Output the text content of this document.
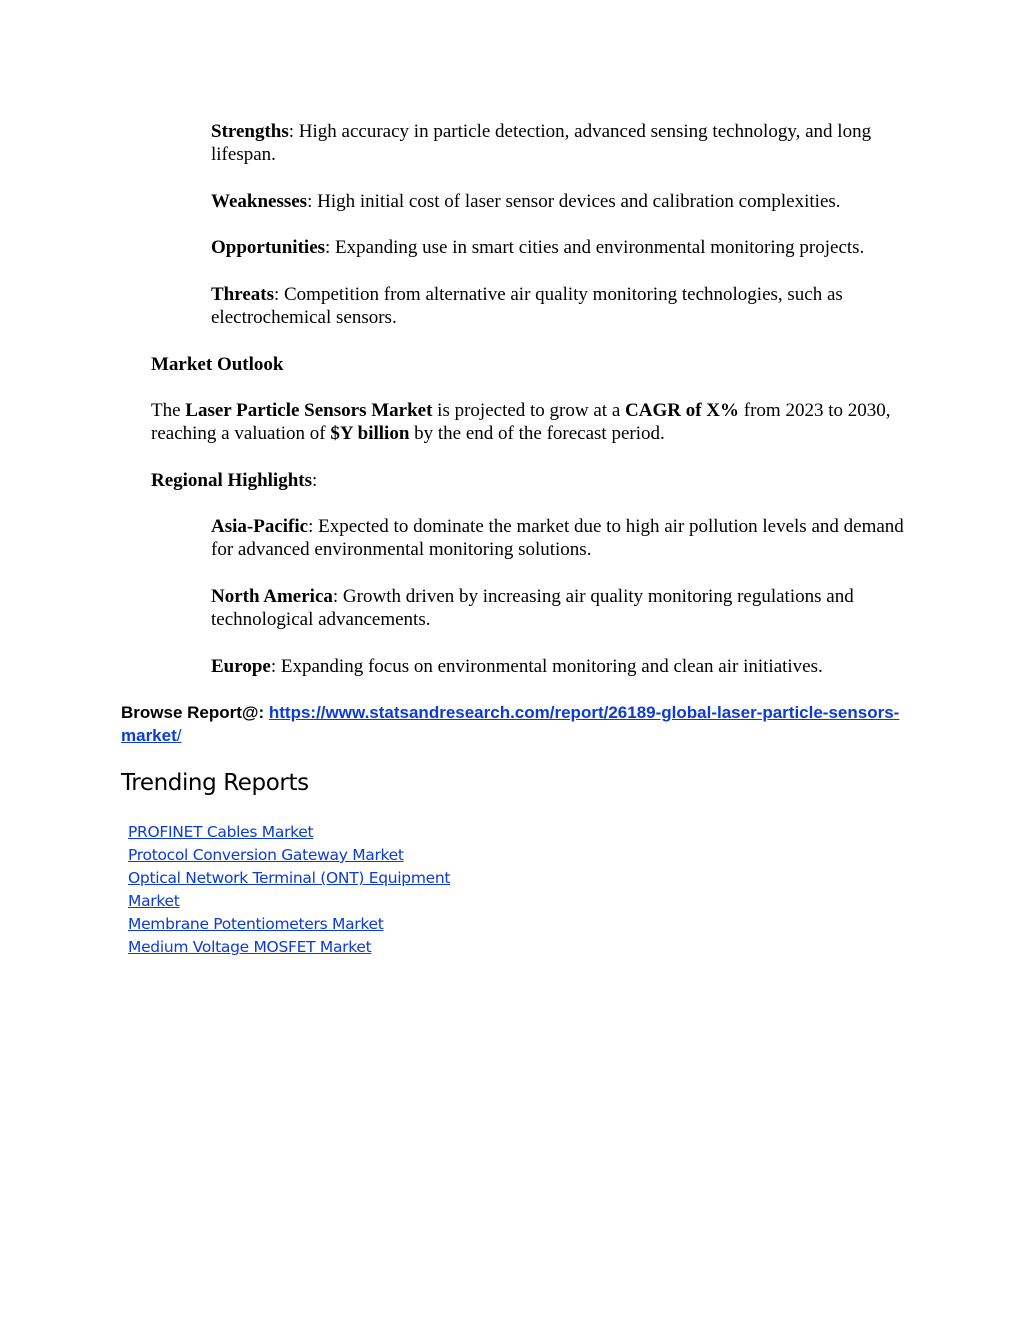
Strengths: High accuracy in particle detection, advanced sensing technology, and long lifespan.

Weaknesses: High initial cost of laser sensor devices and calibration complexities.

Opportunities: Expanding use in smart cities and environmental monitoring projects.

Threats: Competition from alternative air quality monitoring technologies, such as electrochemical sensors.

Market Outlook

The Laser Particle Sensors Market is projected to grow at a CAGR of X% from 2023 to 2030, reaching a valuation of $Y billion by the end of the forecast period.

Regional Highlights:

Asia-Pacific: Expected to dominate the market due to high air pollution levels and demand for advanced environmental monitoring solutions.

North America: Growth driven by increasing air quality monitoring regulations and technological advancements.

Europe: Expanding focus on environmental monitoring and clean air initiatives.

Browse Report@: https://www.statsandresearch.com/report/26189-global-laser-particle-sensors-market/

Trending Reports
PROFINET Cables Market
Protocol Conversion Gateway Market
Optical Network Terminal (ONT) Equipment Market
Membrane Potentiometers Market
Medium Voltage MOSFET Market
